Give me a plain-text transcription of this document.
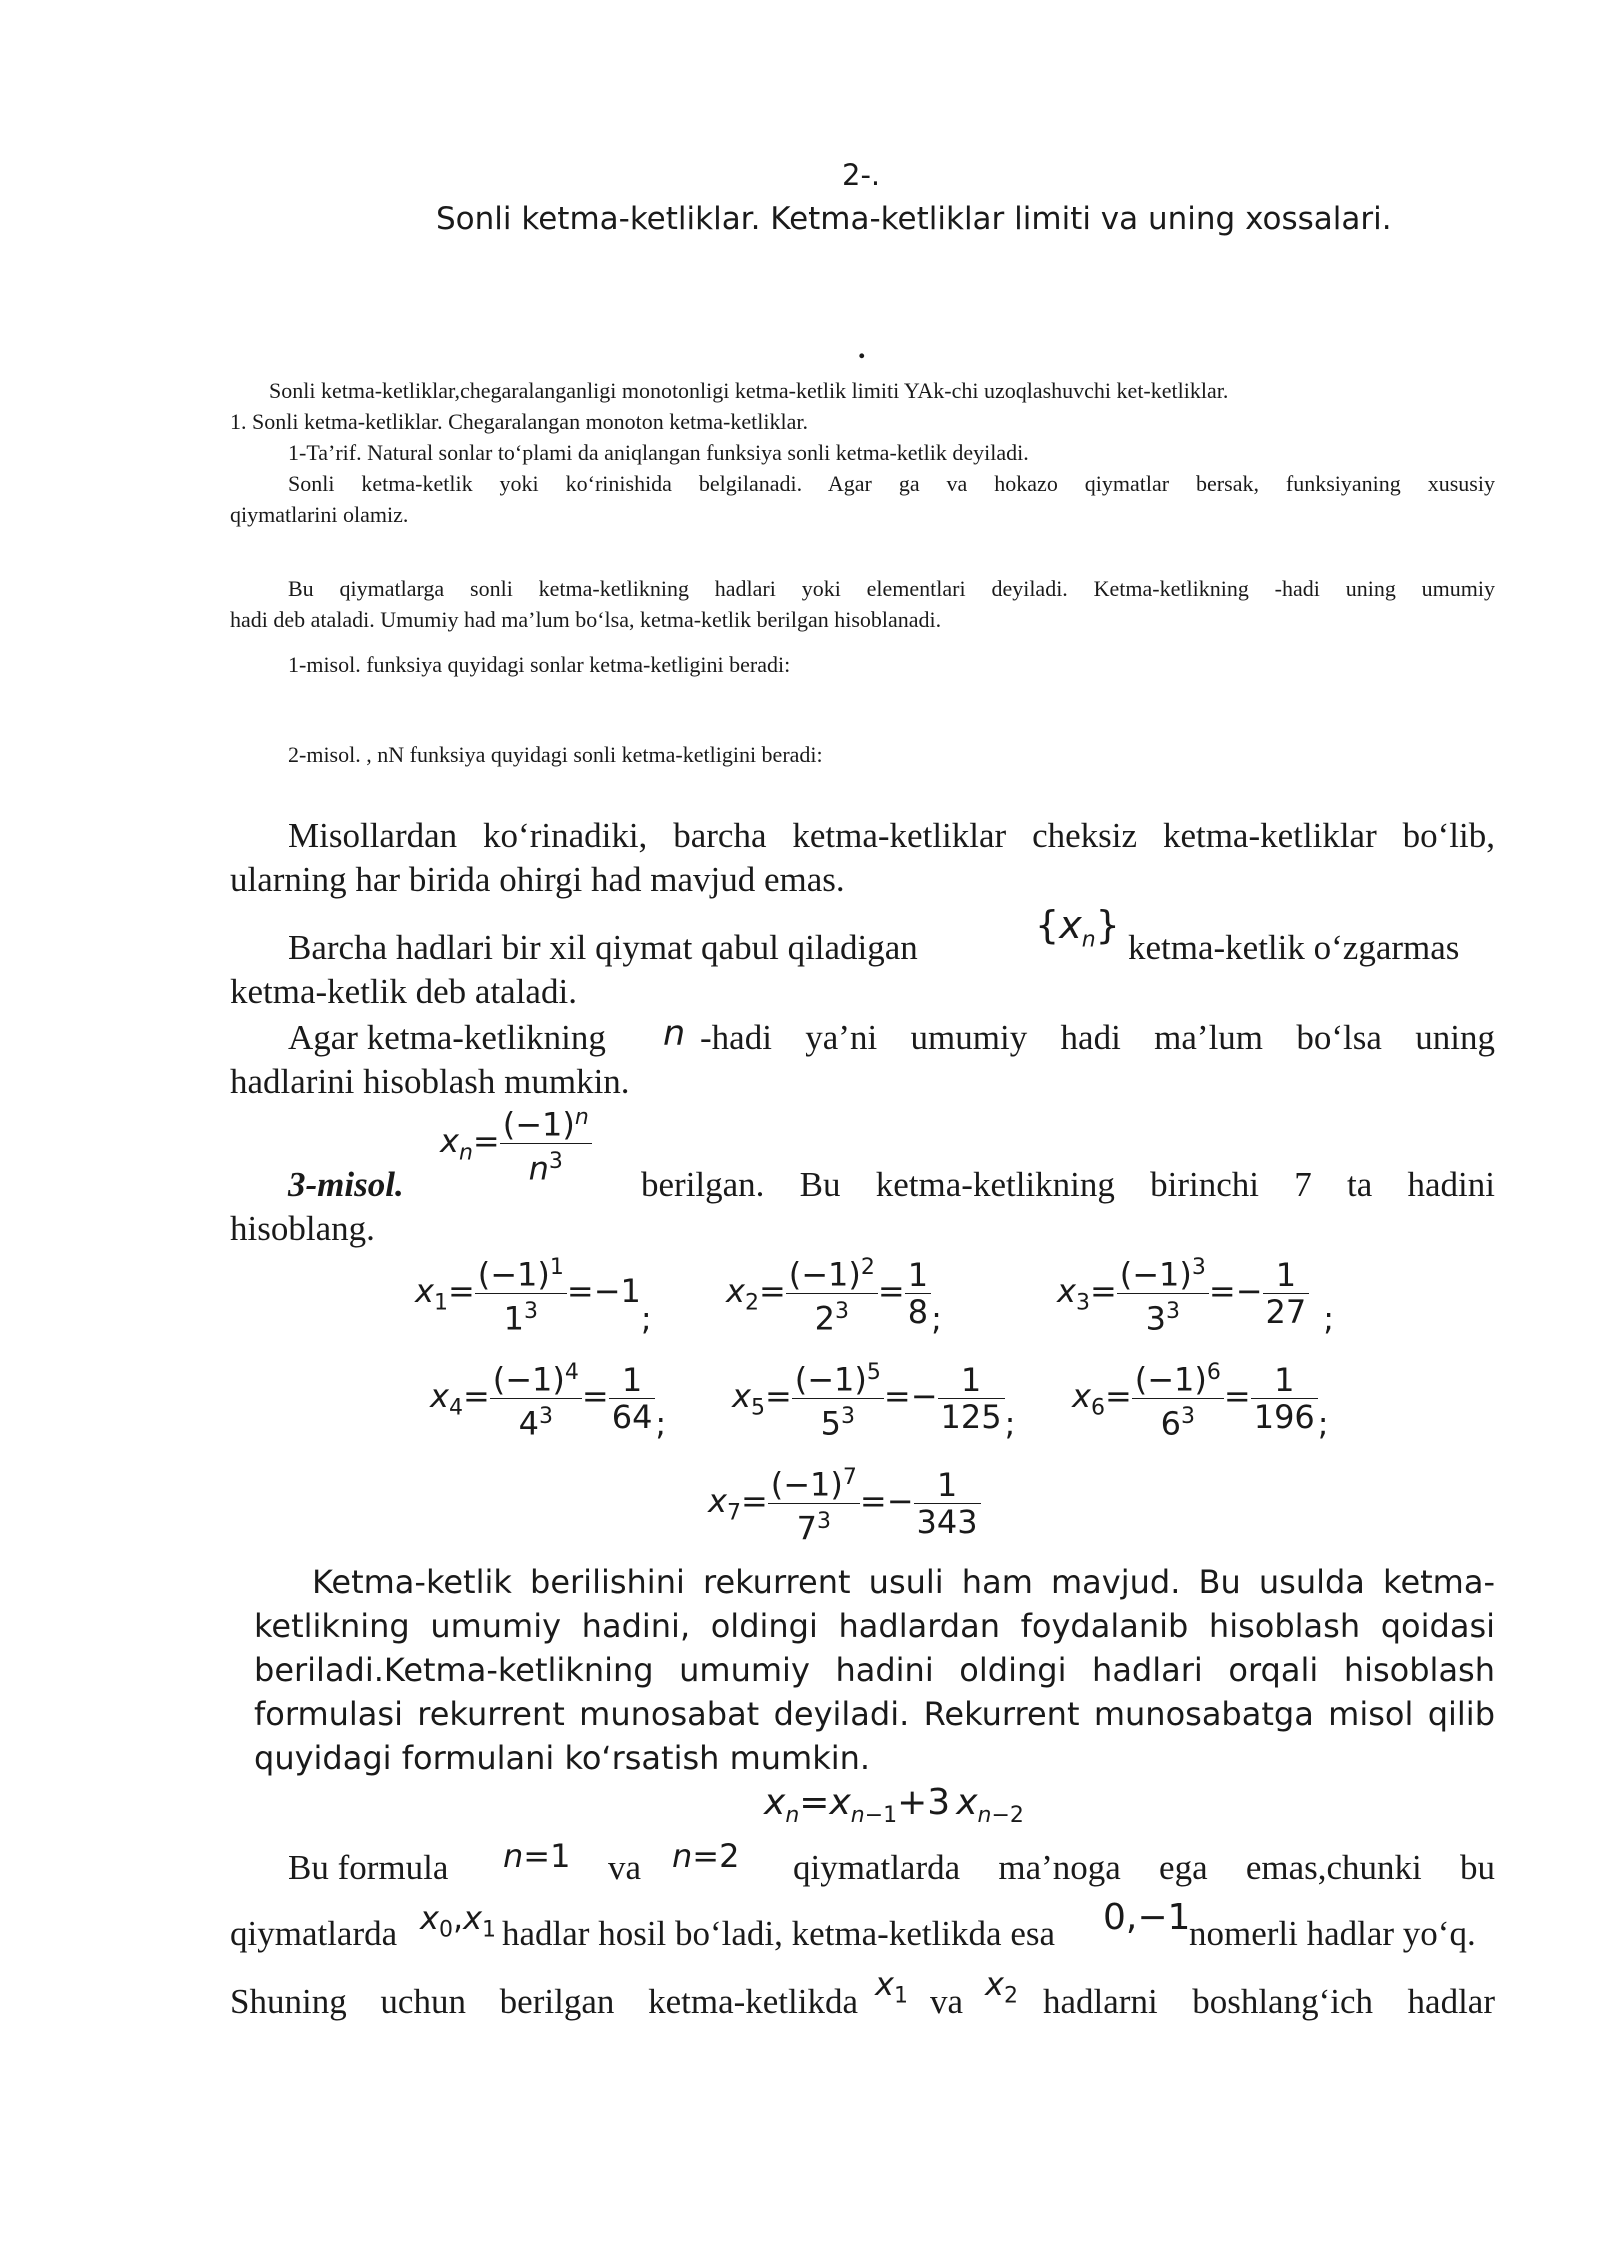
2-.
Sonli ketma-ketliklar. Ketma-ketliklar limiti va uning xossalari.
.
Sonli ketma-ketliklar,chegaralanganligi monotonligi ketma-ketlik limiti YAk-chi uzoqlashuvchi ket-ketliklar.
1. Sonli ketma-ketliklar. Chegaralangan monoton ketma-ketliklar.
1-Ta’rif. Natural sonlar to‘plami da aniqlangan funksiya sonli ketma-ketlik deyiladi.
Sonli ketma-ketlik yoki ko‘rinishida belgilanadi. Agar ga va hokazo qiymatlar bersak, funksiyaning xususiy
qiymatlarini olamiz.
Bu qiymatlarga sonli ketma-ketlikning hadlari yoki elementlari deyiladi. Ketma-ketlikning -hadi uning umumiy
hadi deb ataladi. Umumiy had ma’lum bo‘lsa, ketma-ketlik berilgan hisoblanadi.
1-misol. funksiya quyidagi sonlar ketma-ketligini beradi:
2-misol. , nN funksiya quyidagi sonli ketma-ketligini beradi:
Misollardan ko‘rinadiki, barcha ketma-ketliklar cheksiz ketma-ketliklar bo‘lib,
ularning har birida ohirgi had mavjud emas.
Barcha hadlari bir xil qiymat qabul qiladigan
$\{x_n\}$
ketma-ketlik o‘zgarmas
ketma-ketlik deb ataladi.
Agar ketma-ketlikning n -hadi ya’ni umumiy hadi ma’lum bo‘lsa uning
hadlarini hisoblash mumkin.
$x_n= \frac{(-1)^n}{n^3}$
3-misol.	berilgan. Bu ketma-ketlikning birinchi 7 ta hadini
hisoblang.
$x_1= \frac{(-1)^1}{1^3} =-1$;
$x_2= \frac{(-1)^2}{2^3} = \frac{1}{8}$ ;
$x_3= \frac{(-1)^3}{3^3} =- \frac{1}{27}$ ;
$x_4= \frac{(-1)^4}{4^3} = \frac{1}{64}$ ;
$x_5= \frac{(-1)^5}{5^3} =- \frac{1}{125}$ ;
$x_6= \frac{(-1)^6}{6^3} = \frac{1}{196}$ ;
$x_7= \frac{(-1)^7}{7^3} =- \frac{1}{343}$
Ketma-ketlik berilishini rekurrent usuli ham mavjud. Bu usulda ketma-
ketlikning umumiy hadini, oldingi hadlardan foydalanib hisoblash qoidasi
beriladi.Ketma-ketlikning umumiy hadini oldingi hadlari orqali hisoblash
formulasi rekurrent munosabat deyiladi. Rekurrent munosabatga misol qilib
quyidagi formulani ko‘rsatish mumkin.
$x_n=x_{n-1}+3$ $x_{n-2}$
Bu formula n=1 va n=2 qiymatlarda ma’noga ega emas,chunki bu
qiymatlarda $x_0,x_1$ hadlar hosil bo‘ladi, ketma-ketlikda esa 0,−1
nomerli hadlar yo‘q.
Shuning uchun berilgan ketma-ketlikda $x_1$ va $x_2$ hadlarni boshlang‘ich hadlar
